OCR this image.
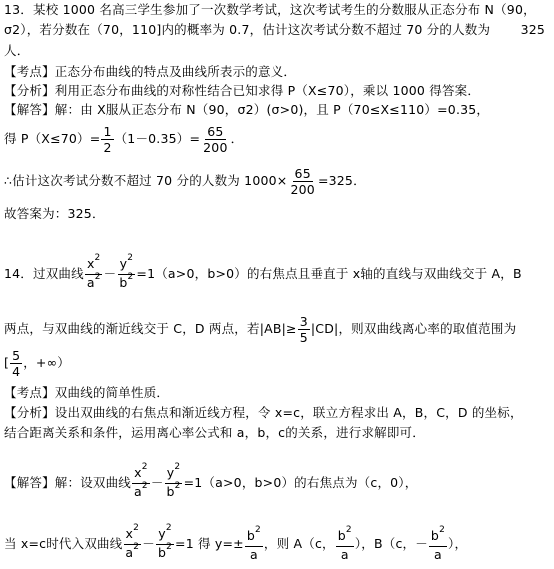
13．某校 1000 名高三学生参加了一次数学考试，这次考试考生的分数服从正态分布 N（90，
σ2），若分数在（70，110]内的概率为 0.7，估计这次考试分数不超过 70 分的人数为 325
人．
【考点】正态分布曲线的特点及曲线所表示的意义．
【分析】利用正态分布曲线的对称性结合已知求得 P（X≤70），乘以 1000 得答案．
【解答】解：由 X服从正态分布 N（90，σ2）(σ>0)，且 P（70≤X≤110）=0.35，
得 $P(X\le 70)= \frac{1}{2} (1-0.35)= \frac{65}{200}$ ．
∴估计这次考试分数不超过 70 分的人数为 $1000\times \frac{65}{200} =325$．
故答案为：325．
14．过双曲线 $\frac{x^2}{a^2} - \frac{y^2}{b^2} =1(a>0$，b>0）的右焦点且垂直于 x轴的直线与双曲线交于 A，B
两点，与双曲线的渐近线交于 C，D 两点，若$|AB|\ge \frac{3}{5} |CD|$，则双曲线离心率的取值范围为
[ $\frac{5}{4}$ ，+∞）
【考点】双曲线的简单性质．
【分析】设出双曲线的右焦点和渐近线方程，令 x=c，联立方程求出 A，B，C，D 的坐标，
结合距离关系和条件，运用离心率公式和 a，b，c的关系，进行求解即可．
【解答】解：设双曲线 $\frac{x^2}{a^2} - \frac{y^2}{b^2} =1(a>0$，b>0）的右焦点为（c，0），
当 x=c时代入双曲线 $\frac{x^2}{a^2} - \frac{y^2}{b^2} =1$ 得 $y=\pm \frac{b^2}{a}$ ，则 A（c， $\frac{b^2}{a}$ ），B（c，－ $\frac{b^2}{a}$ ），
